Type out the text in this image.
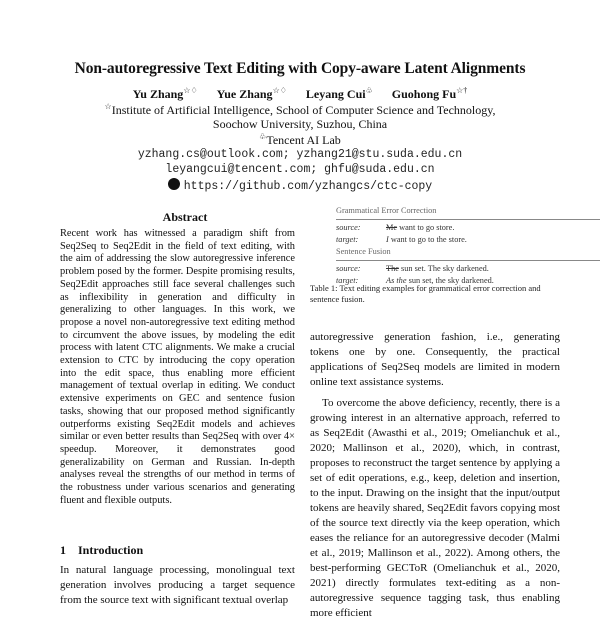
Non-autoregressive Text Editing with Copy-aware Latent Alignments
Yu Zhang☆♢ Yue Zhang☆♢ Leyang Cui♧ Guohong Fu☆†
☆Institute of Artificial Intelligence, School of Computer Science and Technology,
Soochow University, Suzhou, China
♧Tencent AI Lab
yzhang.cs@outlook.com; yzhang21@stu.suda.edu.cn
leyangcui@tencent.com; ghfu@suda.edu.cn
https://github.com/yzhangcs/ctc-copy
Abstract
Recent work has witnessed a paradigm shift from Seq2Seq to Seq2Edit in the field of text editing, with the aim of addressing the slow autoregressive inference problem posed by the former. Despite promising results, Seq2Edit approaches still face several challenges such as inflexibility in generation and difficulty in generalizing to other languages. In this work, we propose a novel non-autoregressive text editing method to circumvent the above issues, by modeling the edit process with latent CTC alignments. We make a crucial extension to CTC by introducing the copy operation into the edit space, thus enabling more efficient management of textual overlap in editing. We conduct extensive experiments on GEC and sentence fusion tasks, showing that our proposed method significantly outperforms existing Seq2Edit models and achieves similar or even better results than Seq2Seq with over 4× speedup. Moreover, it demonstrates good generalizability on German and Russian. In-depth analyses reveal the strengths of our method in terms of the robustness under various scenarios and generating fluent and flexible outputs.
1 Introduction
In natural language processing, monolingual text generation involves producing a target sequence from the source text with significant textual overlap
Grammatical Error Correction
source:	Me want to go store.
target:	I want to go to the store.
Sentence Fusion
source:	The sun set. The sky darkened.
target:	As the sun set, the sky darkened.
Table 1: Text editing examples for grammatical error correction and sentence fusion.

autoregressive generation fashion, i.e., generating tokens one by one. Consequently, the practical applications of Seq2Seq models are limited in modern online text assistance systems.

To overcome the above deficiency, recently, there is a growing interest in an alternative approach, referred to as Seq2Edit (Awasthi et al., 2019; Omelianchuk et al., 2020; Mallinson et al., 2020), which, in contrast, proposes to reconstruct the target sentence by applying a set of edit operations, e.g., keep, deletion and insertion, to the input. Drawing on the insight that the input/output tokens are heavily shared, Seq2Edit favors copying most of the source text directly via the keep operation, which eases the reliance for an autoregressive decoder (Malmi et al., 2019; Mallinson et al., 2022). Among others, the best-performing GECToR (Omelianchuk et al., 2020, 2021) directly formulates text-editing as a non-autoregressive sequence tagging task, thus enabling more efficient
